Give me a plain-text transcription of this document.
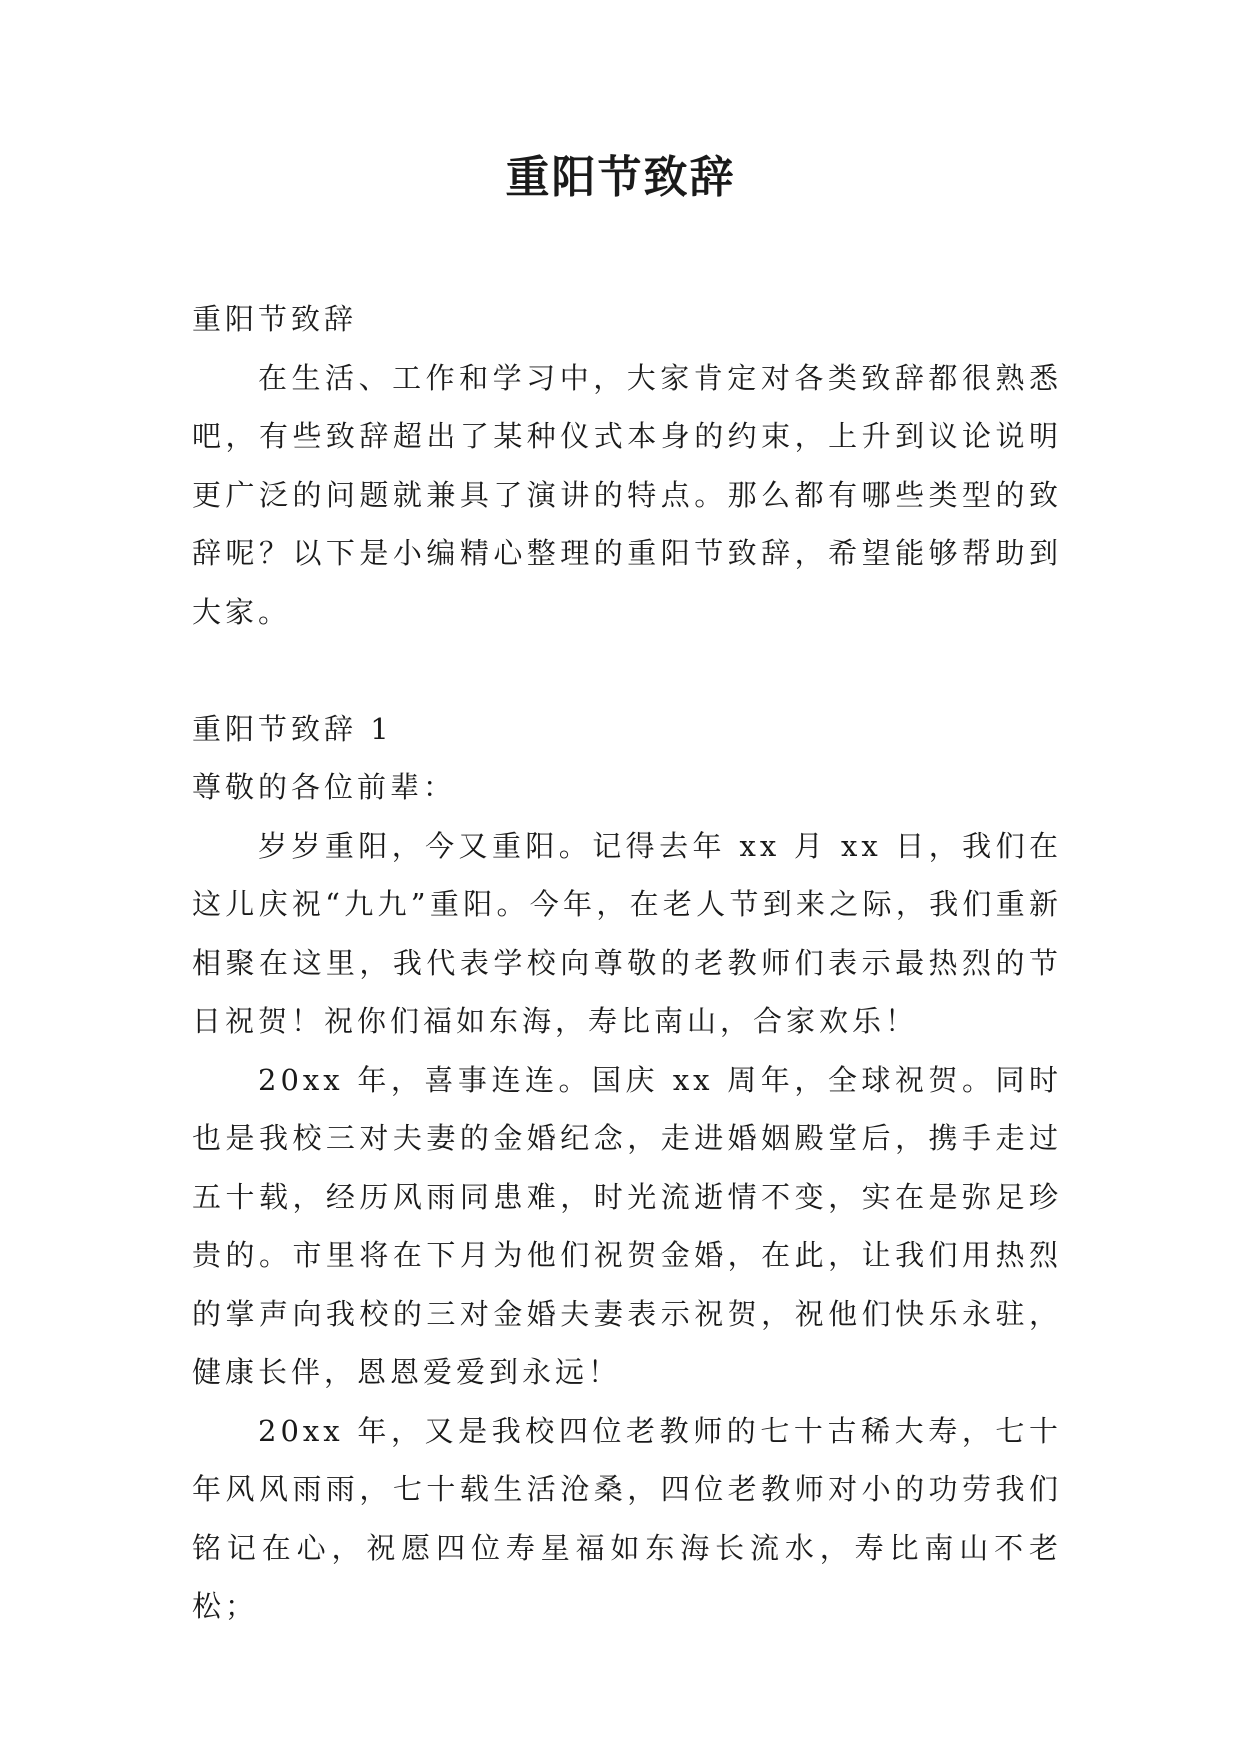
重阳节致辞

重阳节致辞

在生活、工作和学习中，大家肯定对各类致辞都很熟悉吧，有些致辞超出了某种仪式本身的约束，上升到议论说明更广泛的问题就兼具了演讲的特点。那么都有哪些类型的致辞呢？以下是小编精心整理的重阳节致辞，希望能够帮助到大家。

重阳节致辞 1

尊敬的各位前辈：

岁岁重阳，今又重阳。记得去年 xx 月 xx 日，我们在这儿庆祝“九九”重阳。今年，在老人节到来之际，我们重新相聚在这里，我代表学校向尊敬的老教师们表示最热烈的节日祝贺！祝你们福如东海，寿比南山，合家欢乐！

20xx 年，喜事连连。国庆 xx 周年，全球祝贺。同时也是我校三对夫妻的金婚纪念，走进婚姻殿堂后，携手走过五十载，经历风雨同患难，时光流逝情不变，实在是弥足珍贵的。市里将在下月为他们祝贺金婚，在此，让我们用热烈的掌声向我校的三对金婚夫妻表示祝贺，祝他们快乐永驻，健康长伴，恩恩爱爱到永远！

20xx 年，又是我校四位老教师的七十古稀大寿，七十年风风雨雨，七十载生活沧桑，四位老教师对小的功劳我们铭记在心，祝愿四位寿星福如东海长流水，寿比南山不老松；
